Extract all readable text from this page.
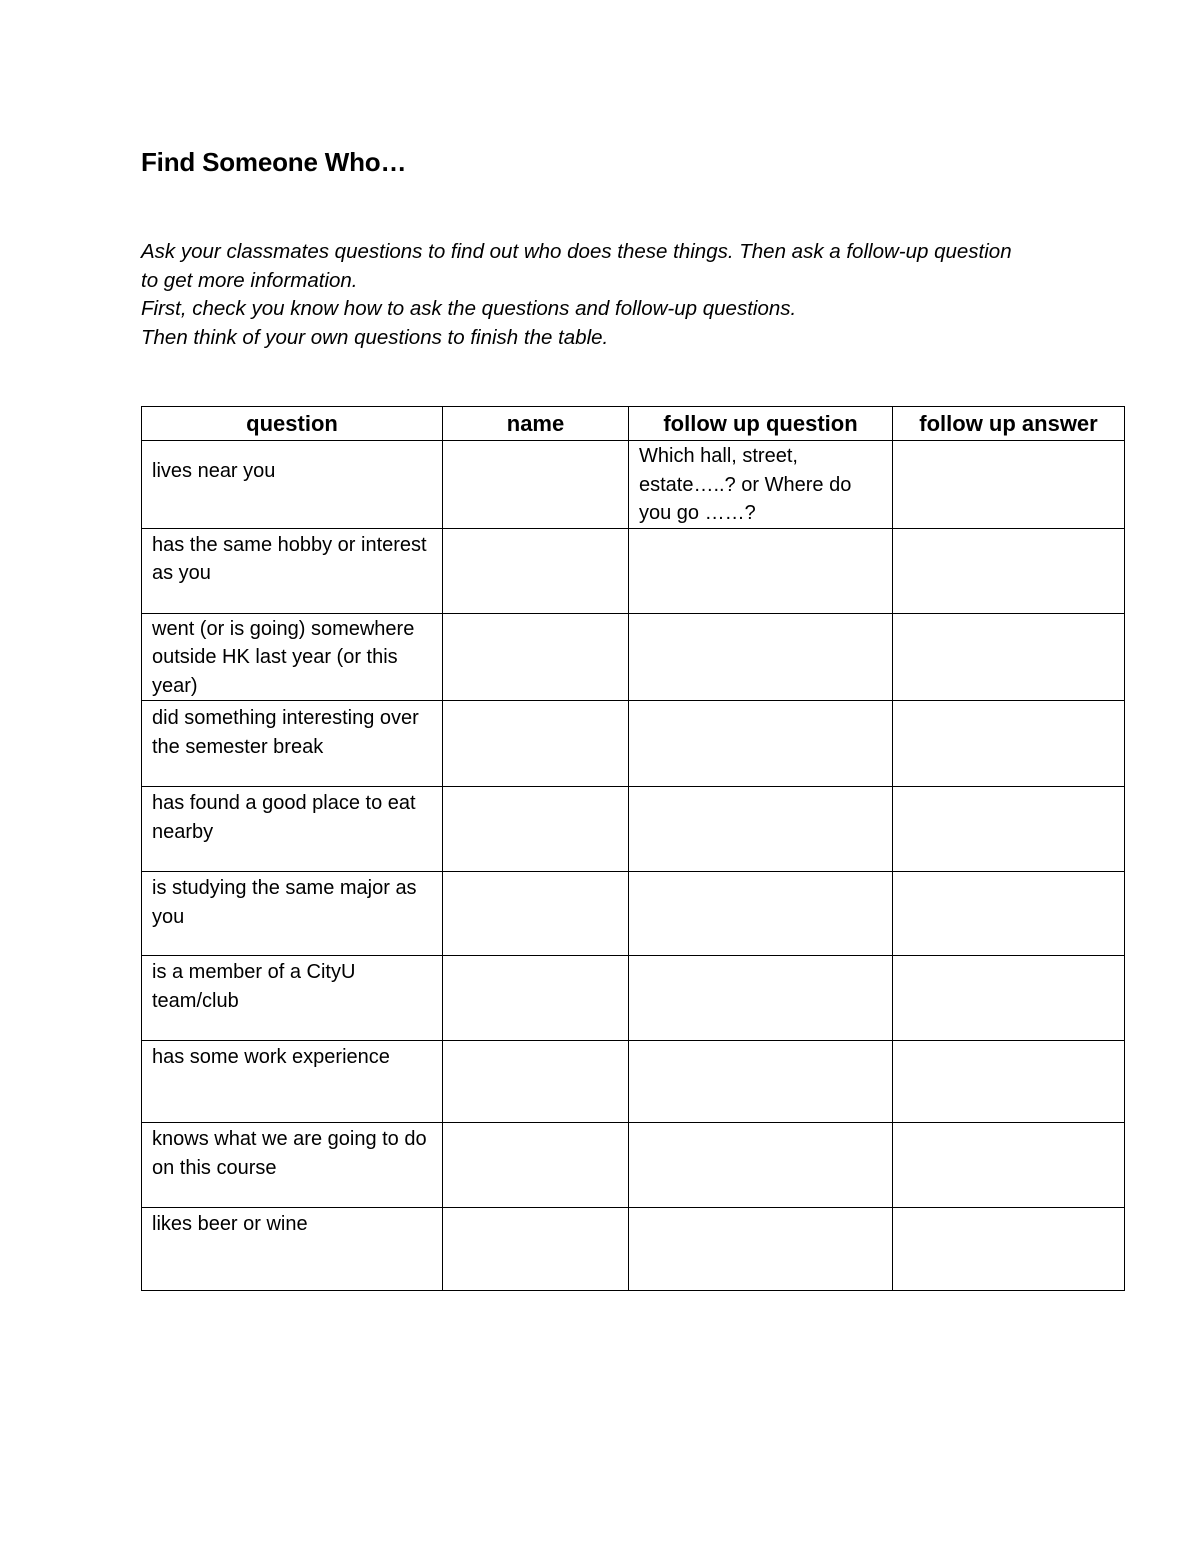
Find Someone Who…

Ask your classmates questions to find out who does these things. Then ask a follow-up question
to get more information.

First, check you know how to ask the questions and follow-up questions.

Then think of your own questions to finish the table.

question	name	follow up question	follow up answer

lives near you		Which hall, street, estate…..? or Where do you go ……?	

has the same hobby or interest as you			

went (or is going) somewhere outside HK last year (or this year)			

did something interesting over the semester break			

has found a good place to eat nearby			

is studying the same major as you			

is a member of a CityU team/club			

has some work experience			

knows what we are going to do on this course			

likes beer or wine			
